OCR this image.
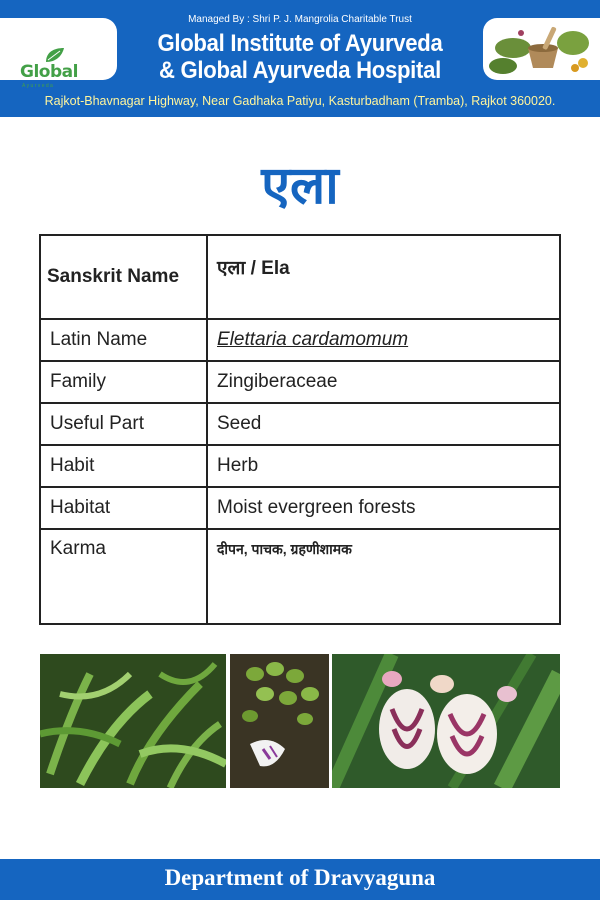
Global
Ayurveda
Managed By : Shri P. J. Mangrolia Charitable Trust
Global Institute of Ayurveda
& Global Ayurveda Hospital
Rajkot-Bhavnagar Highway, Near Gadhaka Patiyu, Kasturbadham (Tramba), Rajkot 360020.
एला
Sanskrit Name	एला / Ela
Latin Name	Elettaria cardamomum
Family	Zingiberaceae
Useful Part	Seed
Habit	Herb
Habitat	Moist evergreen forests
Karma	दीपन, पाचक, ग्रहणीशामक
Department of Dravyaguna
